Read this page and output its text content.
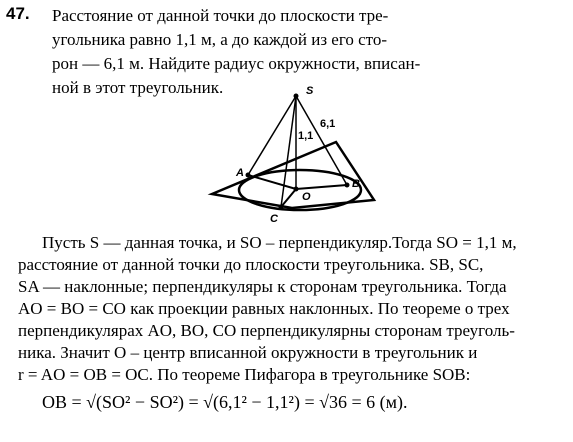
47. Расстояние от данной точки до плоскости тре-
угольника равно 1,1 м, а до каждой из его сто-
рон — 6,1 м. Найдите радиус окружности, вписан-
ной в этот треугольник.	S
A
B
C
O
1,1
6,1
Пусть S — данная точка, и SO – перпендикуляр.Тогда SO = 1,1 м,
расстояние от данной точки до плоскости треугольника. SB, SC,
SA — наклонные; перпендикуляры к сторонам треугольника. Тогда
AO = BO = CO как проекции равных наклонных. По теореме о трех
перпендикулярах AO, BO, CO перпендикулярны сторонам треуголь-
ника. Значит O – центр вписанной окружности в треугольник и
r = AO = OB = OC. По теореме Пифагора в треугольнике SOB:
OB = √(SO² − SO²) = √(6,1² − 1,1²) = √36 = 6 (м).
